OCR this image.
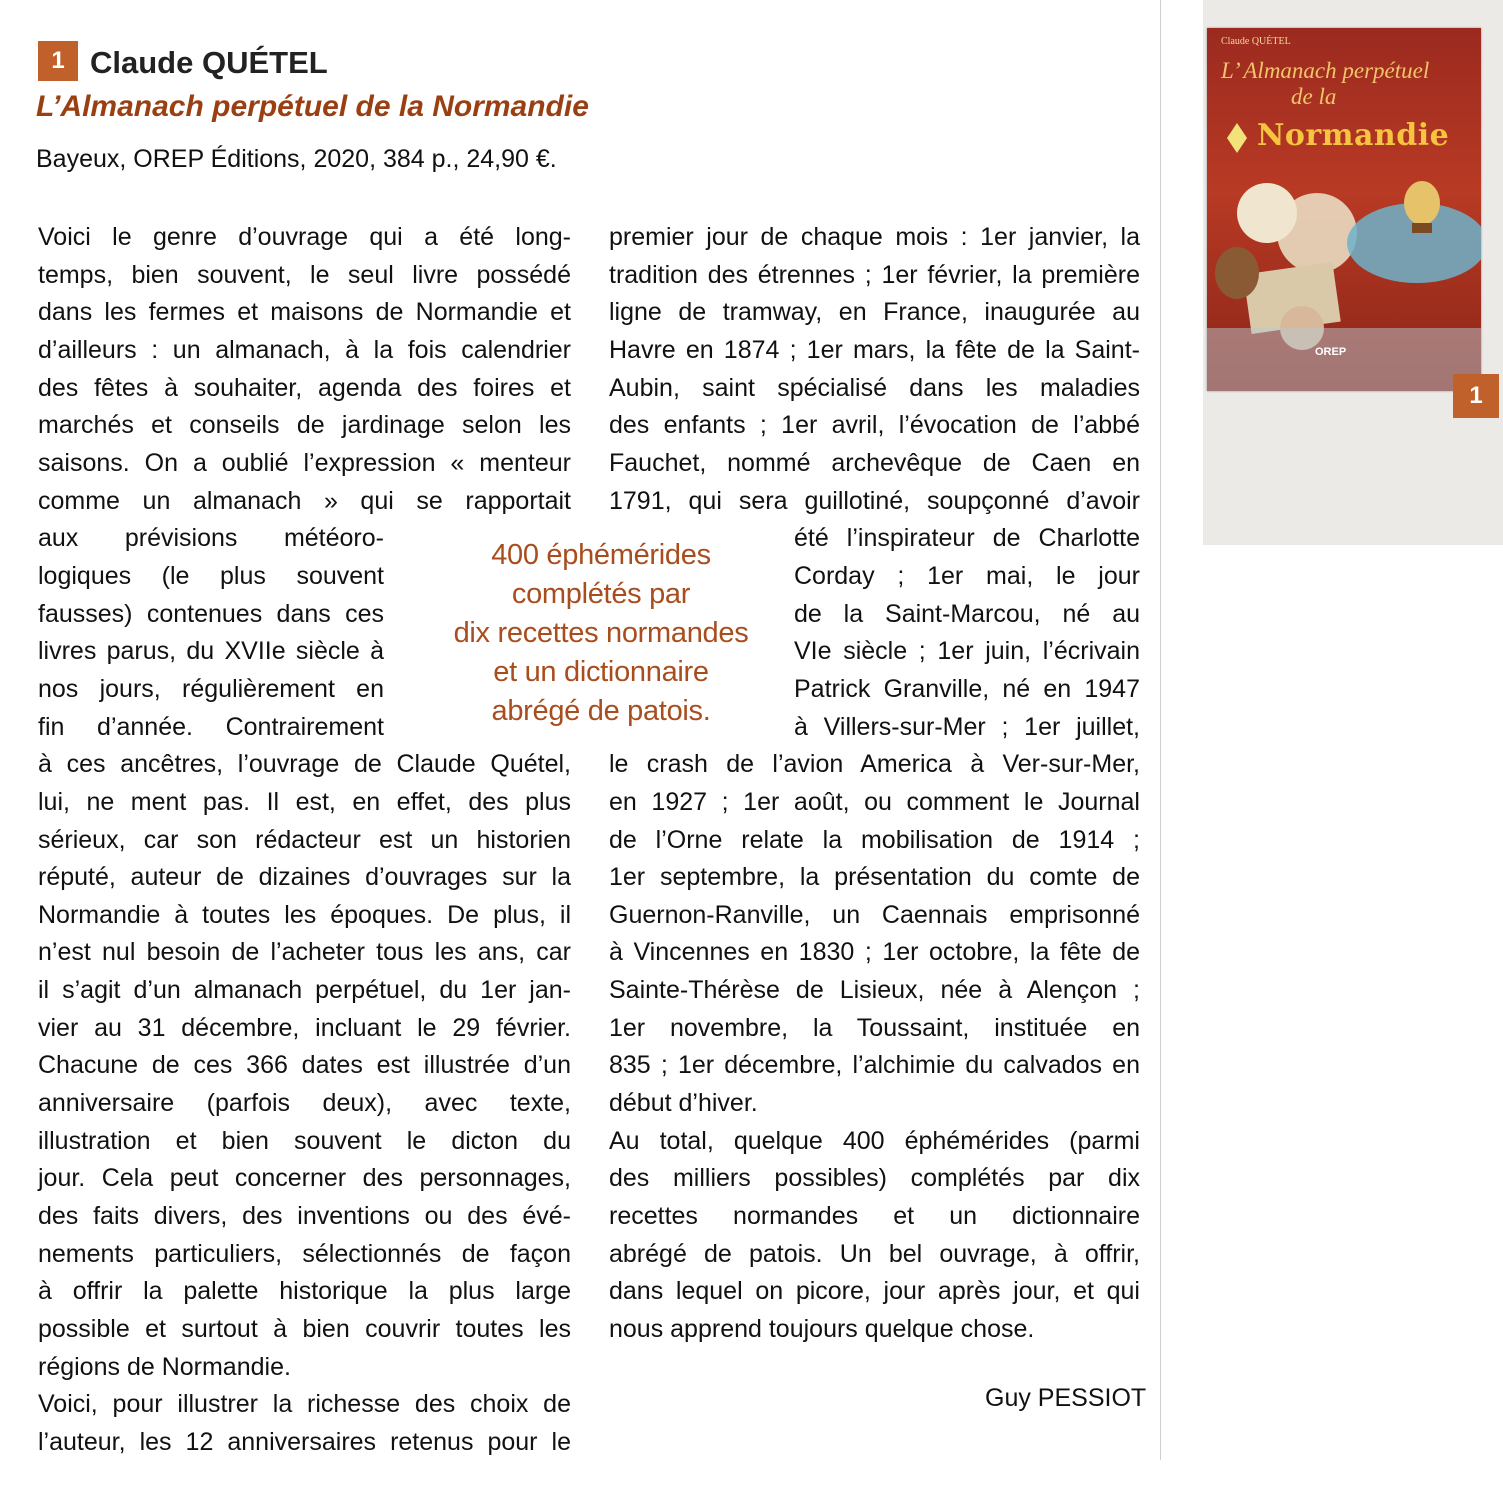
1 Claude QUÉTEL
L’Almanach perpétuel de la Normandie
Bayeux, OREP Éditions, 2020, 384 p., 24,90 €.
Voici le genre d’ouvrage qui a été long-
temps, bien souvent, le seul livre possédé
dans les fermes et maisons de Normandie et
d’ailleurs : un almanach, à la fois calendrier
des fêtes à souhaiter, agenda des foires et
marchés et conseils de jardinage selon les
saisons. On a oublié l’expression « menteur
comme un almanach » qui se rapportait
aux prévisions météoro-
logiques (le plus souvent
fausses) contenues dans ces
livres parus, du XVIIe siècle à
nos jours, régulièrement en
fin d’année. Contrairement
à ces ancêtres, l’ouvrage de Claude Quétel,
lui, ne ment pas. Il est, en effet, des plus
sérieux, car son rédacteur est un historien
réputé, auteur de dizaines d’ouvrages sur la
Normandie à toutes les époques. De plus, il
n’est nul besoin de l’acheter tous les ans, car
il s’agit d’un almanach perpétuel, du 1er jan-
vier au 31 décembre, incluant le 29 février.
Chacune de ces 366 dates est illustrée d’un
anniversaire (parfois deux), avec texte,
illustration et bien souvent le dicton du
jour. Cela peut concerner des personnages,
des faits divers, des inventions ou des évé-
nements particuliers, sélectionnés de façon
à offrir la palette historique la plus large
possible et surtout à bien couvrir toutes les
régions de Normandie.
Voici, pour illustrer la richesse des choix de
l’auteur, les 12 anniversaires retenus pour le
400 éphémérides
complétés par
dix recettes normandes
et un dictionnaire
abrégé de patois.
premier jour de chaque mois : 1er janvier, la
tradition des étrennes ; 1er février, la première
ligne de tramway, en France, inaugurée au
Havre en 1874 ; 1er mars, la fête de la Saint-
Aubin, saint spécialisé dans les maladies
des enfants ; 1er avril, l’évocation de l’abbé
Fauchet, nommé archevêque de Caen en
1791, qui sera guillotiné, soupçonné d’avoir
été l’inspirateur de Charlotte
Corday ; 1er mai, le jour
de la Saint-Marcou, né au
VIe siècle ; 1er juin, l’écrivain
Patrick Granville, né en 1947
à Villers-sur-Mer ; 1er juillet,
le crash de l’avion America à Ver-sur-Mer,
en 1927 ; 1er août, ou comment le Journal
de l’Orne relate la mobilisation de 1914 ;
1er septembre, la présentation du comte de
Guernon-Ranville, un Caennais emprisonné
à Vincennes en 1830 ; 1er octobre, la fête de
Sainte-Thérèse de Lisieux, née à Alençon ;
1er novembre, la Toussaint, instituée en
835 ; 1er décembre, l’alchimie du calvados en
début d’hiver.
Au total, quelque 400 éphémérides (parmi
des milliers possibles) complétés par dix
recettes normandes et un dictionnaire
abrégé de patois. Un bel ouvrage, à offrir,
dans lequel on picore, jour après jour, et qui
nous apprend toujours quelque chose.
Guy PESSIOT
Claude QUÉTEL
L’ Almanach perpétuel
de la
Normandie
OREP
1
